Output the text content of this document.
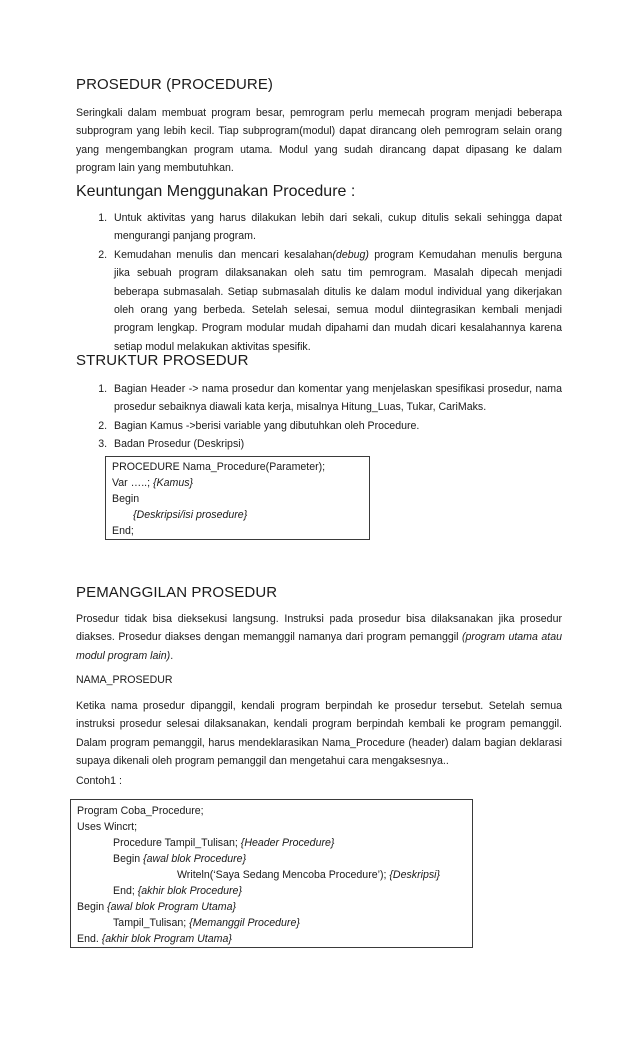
PROSEDUR (PROCEDURE)
Seringkali dalam membuat program besar, pemrogram perlu memecah program menjadi beberapa subprogram yang lebih kecil. Tiap subprogram(modul) dapat dirancang oleh pemrogram selain orang yang mengembangkan program utama. Modul yang sudah dirancang dapat dipasang ke dalam program lain yang membutuhkan.
Keuntungan Menggunakan Procedure :
1. Untuk aktivitas yang harus dilakukan lebih dari sekali, cukup ditulis sekali sehingga dapat mengurangi panjang program.
2. Kemudahan menulis dan mencari kesalahan(debug) program Kemudahan menulis berguna jika sebuah program dilaksanakan oleh satu tim pemrogram. Masalah dipecah menjadi beberapa submasalah. Setiap submasalah ditulis ke dalam modul individual yang dikerjakan oleh orang yang berbeda. Setelah selesai, semua modul diintegrasikan kembali menjadi program lengkap. Program modular mudah dipahami dan mudah dicari kesalahannya karena setiap modul melakukan aktivitas spesifik.
STRUKTUR PROSEDUR
1. Bagian Header -> nama prosedur dan komentar yang menjelaskan spesifikasi prosedur, nama prosedur sebaiknya diawali kata kerja, misalnya Hitung_Luas, Tukar, CariMaks.
2. Bagian Kamus ->berisi variable yang dibutuhkan oleh Procedure.
3. Badan Prosedur (Deskripsi)
PROCEDURE Nama_Procedure(Parameter);
Var …..; {Kamus}
Begin
{Deskripsi/isi prosedure}
End;
PEMANGGILAN PROSEDUR
Prosedur tidak bisa dieksekusi langsung. Instruksi pada prosedur bisa dilaksanakan jika prosedur diakses. Prosedur diakses dengan memanggil namanya dari program pemanggil (program utama atau modul program lain).
NAMA_PROSEDUR
Ketika nama prosedur dipanggil, kendali program berpindah ke prosedur tersebut. Setelah semua instruksi prosedur selesai dilaksanakan, kendali program berpindah kembali ke program pemanggil. Dalam program pemanggil, harus mendeklarasikan Nama_Procedure (header) dalam bagian deklarasi supaya dikenali oleh program pemanggil dan mengetahui cara mengaksesnya..
Contoh1 :
Program Coba_Procedure;
Uses Wincrt;
Procedure Tampil_Tulisan; {Header Procedure}
Begin {awal blok Procedure}
Writeln(‘Saya Sedang Mencoba Procedure’); {Deskripsi}
End; {akhir blok Procedure}
Begin {awal blok Program Utama}
Tampil_Tulisan; {Memanggil Procedure}
End. {akhir blok Program Utama}
